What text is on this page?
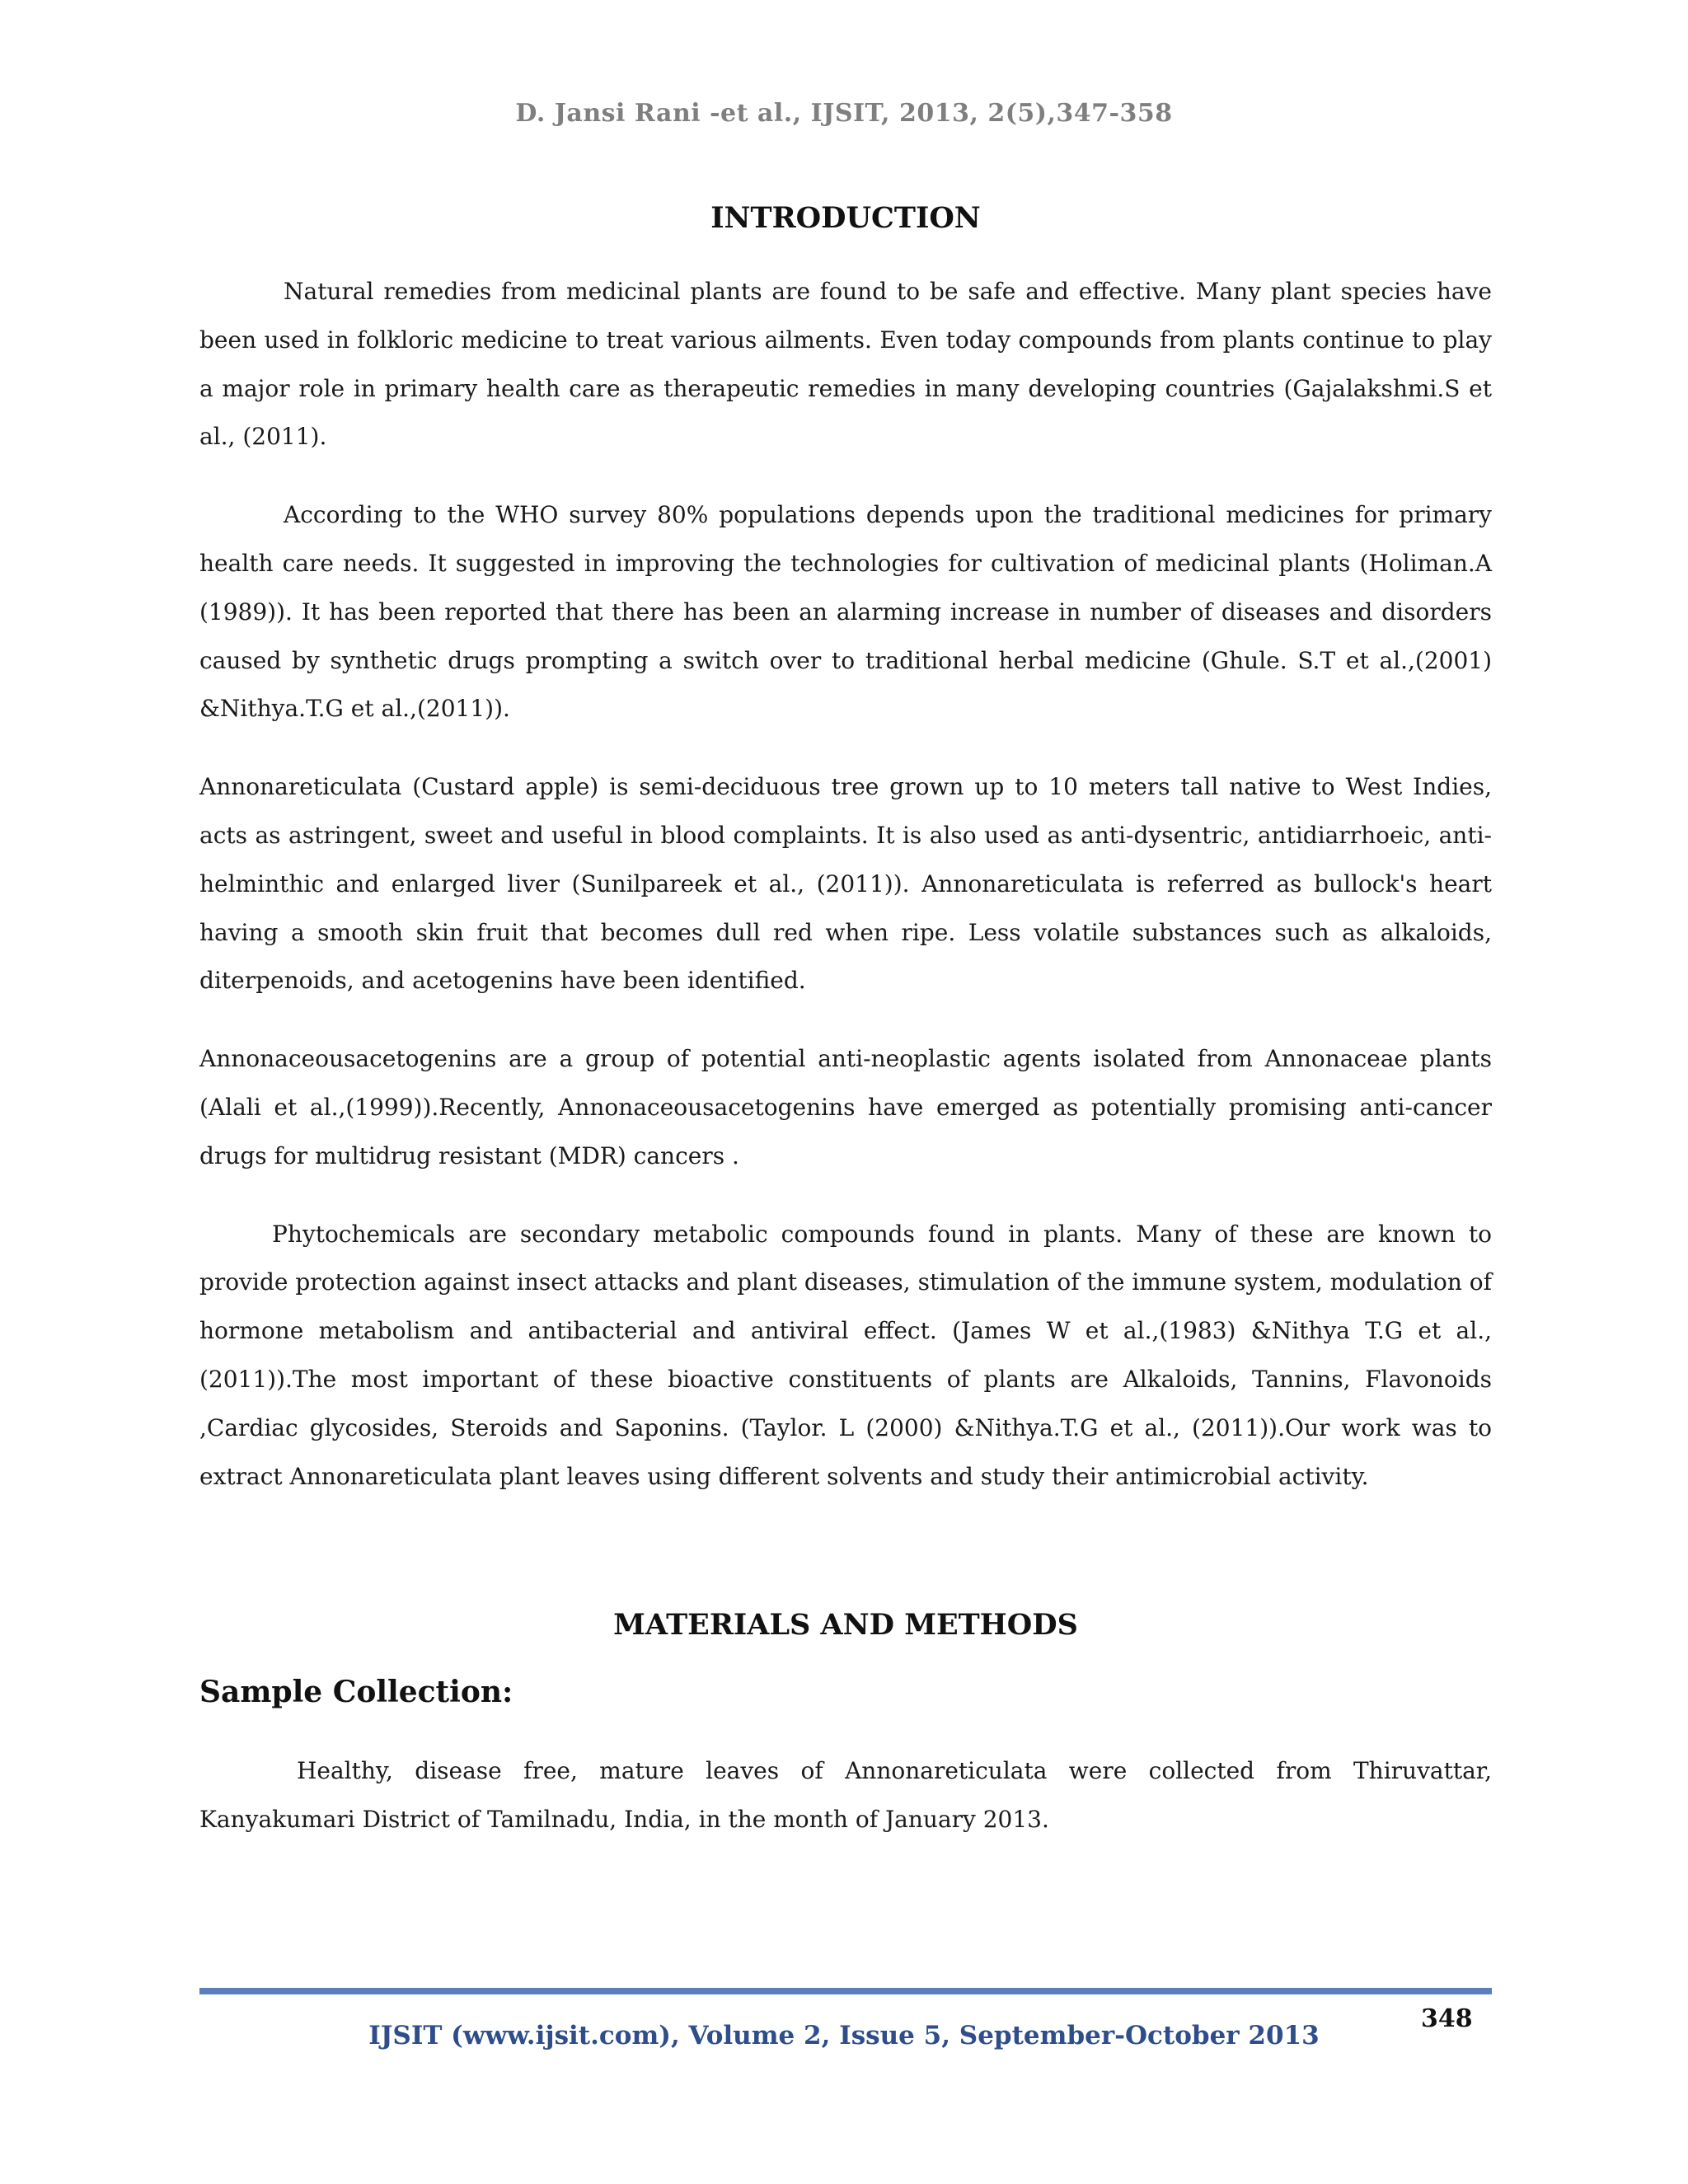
D. Jansi Rani -et al., IJSIT, 2013, 2(5),347-358
INTRODUCTION

Natural remedies from medicinal plants are found to be safe and effective. Many plant species have been used in folkloric medicine to treat various ailments. Even today compounds from plants continue to play a major role in primary health care as therapeutic remedies in many developing countries (Gajalakshmi.S et al., (2011).

According to the WHO survey 80% populations depends upon the traditional medicines for primary health care needs. It suggested in improving the technologies for cultivation of medicinal plants (Holiman.A (1989)). It has been reported that there has been an alarming increase in number of diseases and disorders caused by synthetic drugs prompting a switch over to traditional herbal medicine (Ghule. S.T et al.,(2001) &Nithya.T.G et al.,(2011)).

Annonareticulata (Custard apple) is semi-deciduous tree grown up to 10 meters tall native to West Indies, acts as astringent, sweet and useful in blood complaints. It is also used as anti-dysentric, antidiarrhoeic, anti-helminthic and enlarged liver (Sunilpareek et al., (2011)). Annonareticulata is referred as bullock's heart having a smooth skin fruit that becomes dull red when ripe. Less volatile substances such as alkaloids, diterpenoids, and acetogenins have been identified.

Annonaceousacetogenins are a group of potential anti-neoplastic agents isolated from Annonaceae plants (Alali et al.,(1999)).Recently, Annonaceousacetogenins have emerged as potentially promising anti-cancer drugs for multidrug resistant (MDR) cancers .

Phytochemicals are secondary metabolic compounds found in plants. Many of these are known to provide protection against insect attacks and plant diseases, stimulation of the immune system, modulation of hormone metabolism and antibacterial and antiviral effect. (James W et al.,(1983) &Nithya T.G et al.,(2011)).The most important of these bioactive constituents of plants are Alkaloids, Tannins, Flavonoids ,Cardiac glycosides, Steroids and Saponins. (Taylor. L (2000) &Nithya.T.G et al., (2011)).Our work was to extract Annonareticulata plant leaves using different solvents and study their antimicrobial activity.

MATERIALS AND METHODS
Sample Collection:

Healthy, disease free, mature leaves of Annonareticulata were collected from Thiruvattar, Kanyakumari District of Tamilnadu, India, in the month of January 2013.

348
IJSIT (www.ijsit.com), Volume 2, Issue 5, September-October 2013
